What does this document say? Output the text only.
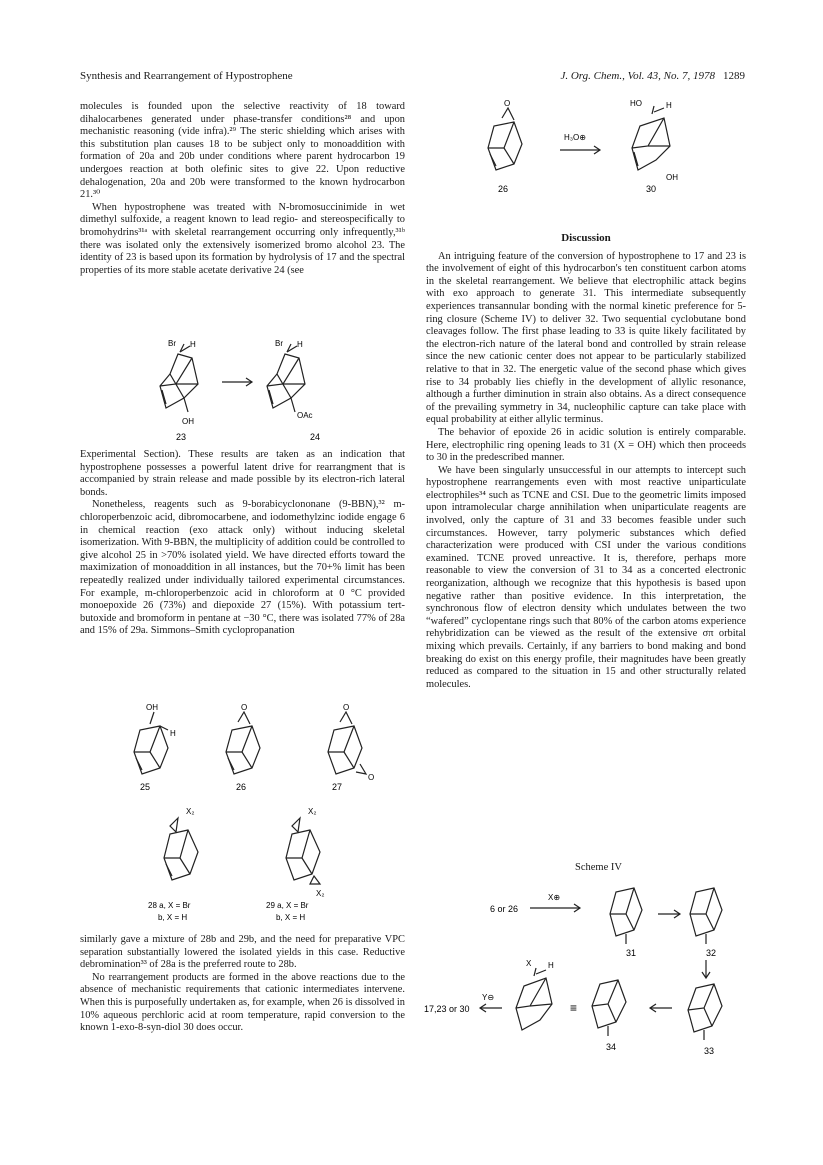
Synthesis and Rearrangement of Hypostrophene	J. Org. Chem., Vol. 43, No. 7, 1978 1289

molecules is founded upon the selective reactivity of 18 toward dihalocarbenes generated under phase-transfer conditions²⁸ and upon mechanistic reasoning (vide infra).²⁹ The steric shielding which arises with this substitution plan causes 18 to be subject only to monoaddition with formation of 20a and 20b under conditions where parent hydrocarbon 19 undergoes reaction at both olefinic sites to give 22. Upon reductive dehalogenation, 20a and 20b were transformed to the known hydrocarbon 21.³⁰

When hypostrophene was treated with N-bromosuccinimide in wet dimethyl sulfoxide, a reagent known to lead regio- and stereospecifically to bromohydrins³¹ᵃ with skeletal rearrangement occurring only infrequently,³¹ᵇ there was isolated only the extensively isomerized bromo alcohol 23. The identity of 23 is based upon its formation by hydrolysis of 17 and the spectral properties of its more stable acetate derivative 24 (see

Br H
OH
Br H
OAc
23	24

Experimental Section). These results are taken as an indication that hypostrophene possesses a powerful latent drive for rearrangment that is accompanied by strain release and made possible by its electron-rich lateral bonds.

Nonetheless, reagents such as 9-borabicyclononane (9-BBN),³² m-chloroperbenzoic acid, dibromocarbene, and iodomethylzinc iodide engage 6 in chemical reaction (exo attack only) without inducing skeletal isomerization. With 9-BBN, the multiplicity of addition could be controlled to give alcohol 25 in >70% isolated yield. We have directed efforts toward the maximization of monoaddition in all instances, but the 70+% limit has been repeatedly realized under individually tailored experimental circumstances. For example, m-chloroperbenzoic acid in chloroform at 0 °C provided monoepoxide 26 (73%) and diepoxide 27 (15%). With potassium tert-butoxide and bromoform in pentane at −30 °C, there was isolated 77% of 28a and 15% of 29a. Simmons–Smith cyclopropanation

OH
H
O	O
O
25	26	27
X₂	X₂
X₂
28 a, X = Br
b, X = H
29 a, X = Br
b, X = H

similarly gave a mixture of 28b and 29b, and the need for preparative VPC separation substantially lowered the isolated yields in this case. Reductive debromination³³ of 28a is the preferred route to 28b.

No rearrangement products are formed in the above reactions due to the absence of mechanistic requirements that cationic intermediates intervene. When this is purposefully undertaken as, for example, when 26 is dissolved in 10% aqueous perchloric acid at room temperature, rapid conversion to the known 1-exo-8-syn-diol 30 does occur.

O
H₃O⊕
HO	H
OH
26	30
Discussion

An intriguing feature of the conversion of hypostrophene to 17 and 23 is the involvement of eight of this hydrocarbon's ten constituent carbon atoms in the skeletal rearrangement. We believe that electrophilic attack begins with exo approach to generate 31. This intermediate subsequently experiences transannular bonding with the normal kinetic preference for 5-ring closure (Scheme IV) to deliver 32. Two sequential cyclobutane bond cleavages follow. The first phase leading to 33 is quite likely facilitated by the electron-rich nature of the lateral bond and controlled by strain release since the new cationic center does not appear to be particularly stabilized relative to that in 32. The energetic value of the second phase which gives rise to 34 probably lies chiefly in the development of allylic resonance, although a further diminution in strain also obtains. As a direct consequence of the prevailing symmetry in 34, nucleophilic capture can take place with equal probability at either allylic terminus.

The behavior of epoxide 26 in acidic solution is entirely comparable. Here, electrophilic ring opening leads to 31 (X = OH) which then proceeds to 30 in the predescribed manner.

We have been singularly unsuccessful in our attempts to intercept such hypostrophene rearrangements even with most reactive uniparticulate electrophiles³⁴ such as TCNE and CSI. Due to the geometric limits imposed upon intramolecular charge annihilation when uniparticulate reagents are involved, only the capture of 31 and 33 becomes feasible under such circumstances. However, tarry polymeric substances which defied characterization were produced with CSI under the various conditions examined. TCNE proved unreactive. It is, therefore, perhaps more reasonable to view the conversion of 31 to 34 as a concerted electronic reorganization, although we recognize that this hypothesis is based upon negative rather than positive evidence. In this interpretation, the synchronous flow of electron density which undulates between the two “wafered” cyclopentane rings such that 80% of the carbon atoms experience rehybridization can be viewed as the result of the extensive σπ orbital mixing which prevails. Certainly, if any barriers to bond making and bond breaking do exist on this energy profile, their magnitudes have been greatly reduced as compared to the situation in 15 and other structurally related molecules.

Scheme IV
6 or 26
X⊕
31	32
33
34
X H
Y⊖
17,23 or 30	≡
